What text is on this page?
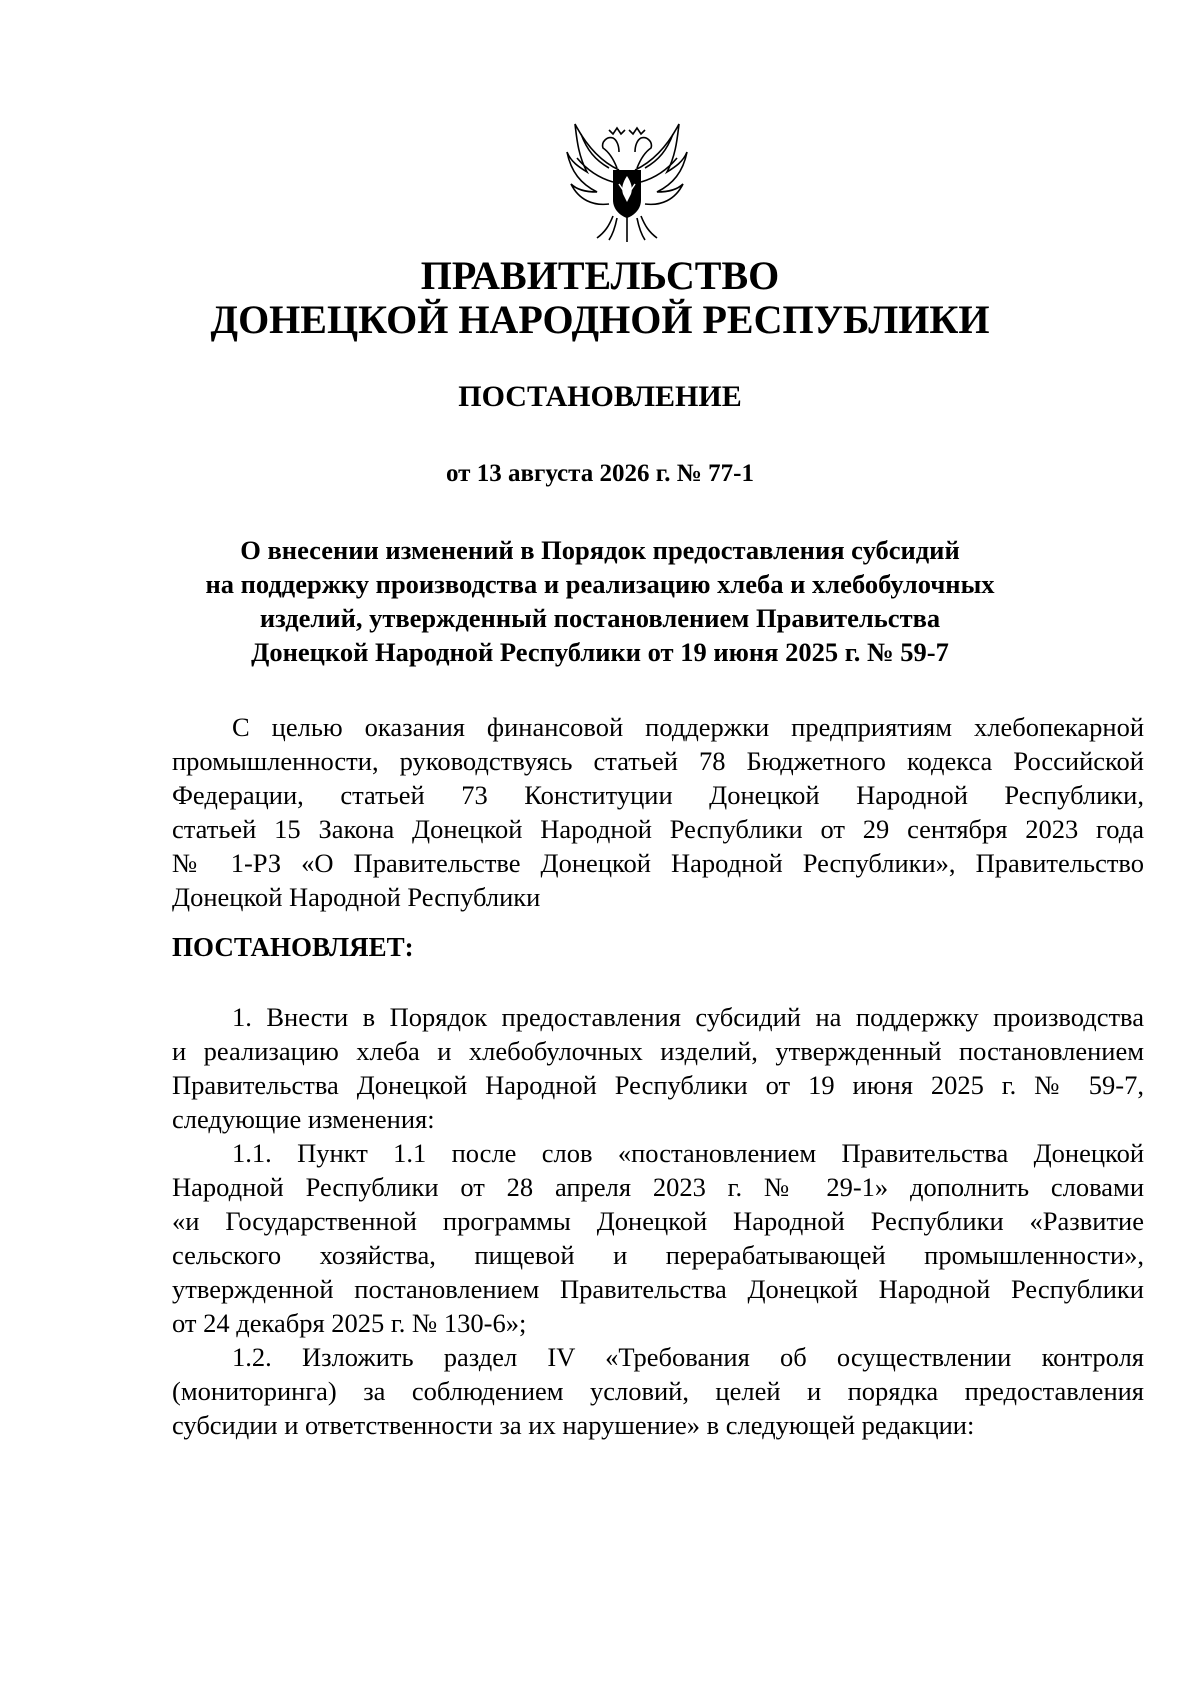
ПРАВИТЕЛЬСТВО
ДОНЕЦКОЙ НАРОДНОЙ РЕСПУБЛИКИ
ПОСТАНОВЛЕНИЕ
от 13 августа 2026 г. № 77-1
О внесении изменений в Порядок предоставления субсидий
на поддержку производства и реализацию хлеба и хлебобулочных
изделий, утвержденный постановлением Правительства
Донецкой Народной Республики от 19 июня 2025 г. № 59-7
С целью оказания финансовой поддержки предприятиям хлебопекарной
промышленности, руководствуясь статьей 78 Бюджетного кодекса Российской
Федерации, статьей 73 Конституции Донецкой Народной Республики,
статьей 15 Закона Донецкой Народной Республики от 29 сентября 2023 года
№ 1-РЗ «О Правительстве Донецкой Народной Республики», Правительство
Донецкой Народной Республики
ПОСТАНОВЛЯЕТ:
1. Внести в Порядок предоставления субсидий на поддержку производства
и реализацию хлеба и хлебобулочных изделий, утвержденный постановлением
Правительства Донецкой Народной Республики от 19 июня 2025 г. № 59-7,
следующие изменения:
1.1. Пункт 1.1 после слов «постановлением Правительства Донецкой
Народной Республики от 28 апреля 2023 г. № 29-1» дополнить словами
«и Государственной программы Донецкой Народной Республики «Развитие
сельского хозяйства, пищевой и перерабатывающей промышленности»,
утвержденной постановлением Правительства Донецкой Народной Республики
от 24 декабря 2025 г. № 130-6»;
1.2. Изложить раздел IV «Требования об осуществлении контроля
(мониторинга) за соблюдением условий, целей и порядка предоставления
субсидии и ответственности за их нарушение» в следующей редакции:
